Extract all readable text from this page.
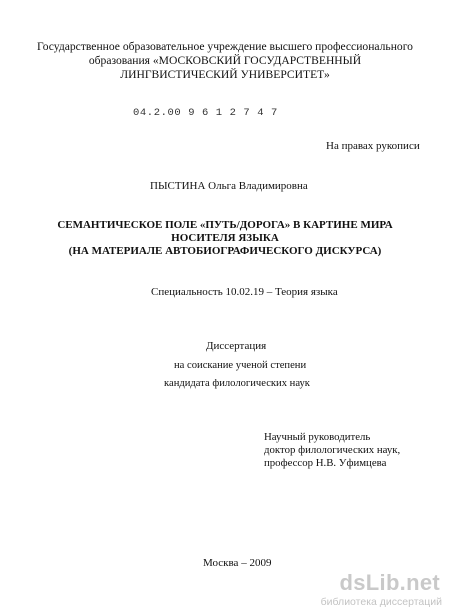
Государственное образовательное учреждение высшего профессионального
образования «МОСКОВСКИЙ ГОСУДАРСТВЕННЫЙ
ЛИНГВИСТИЧЕСКИЙ УНИВЕРСИТЕТ»
04.2.00 9 6 1 2 7 4 7
На правах рукописи
ПЫСТИНА Ольга Владимировна
СЕМАНТИЧЕСКОЕ ПОЛЕ «ПУТЬ/ДОРОГА» В КАРТИНЕ МИРА
НОСИТЕЛЯ ЯЗЫКА
(НА МАТЕРИАЛЕ АВТОБИОГРАФИЧЕСКОГО ДИСКУРСА)
Специальность 10.02.19 – Теория языка
Диссертация
на соискание ученой степени
кандидата филологических наук
Научный руководитель
доктор филологических наук,
профессор Н.В. Уфимцева
Москва – 2009
dsLib.net
библиотека диссертаций
